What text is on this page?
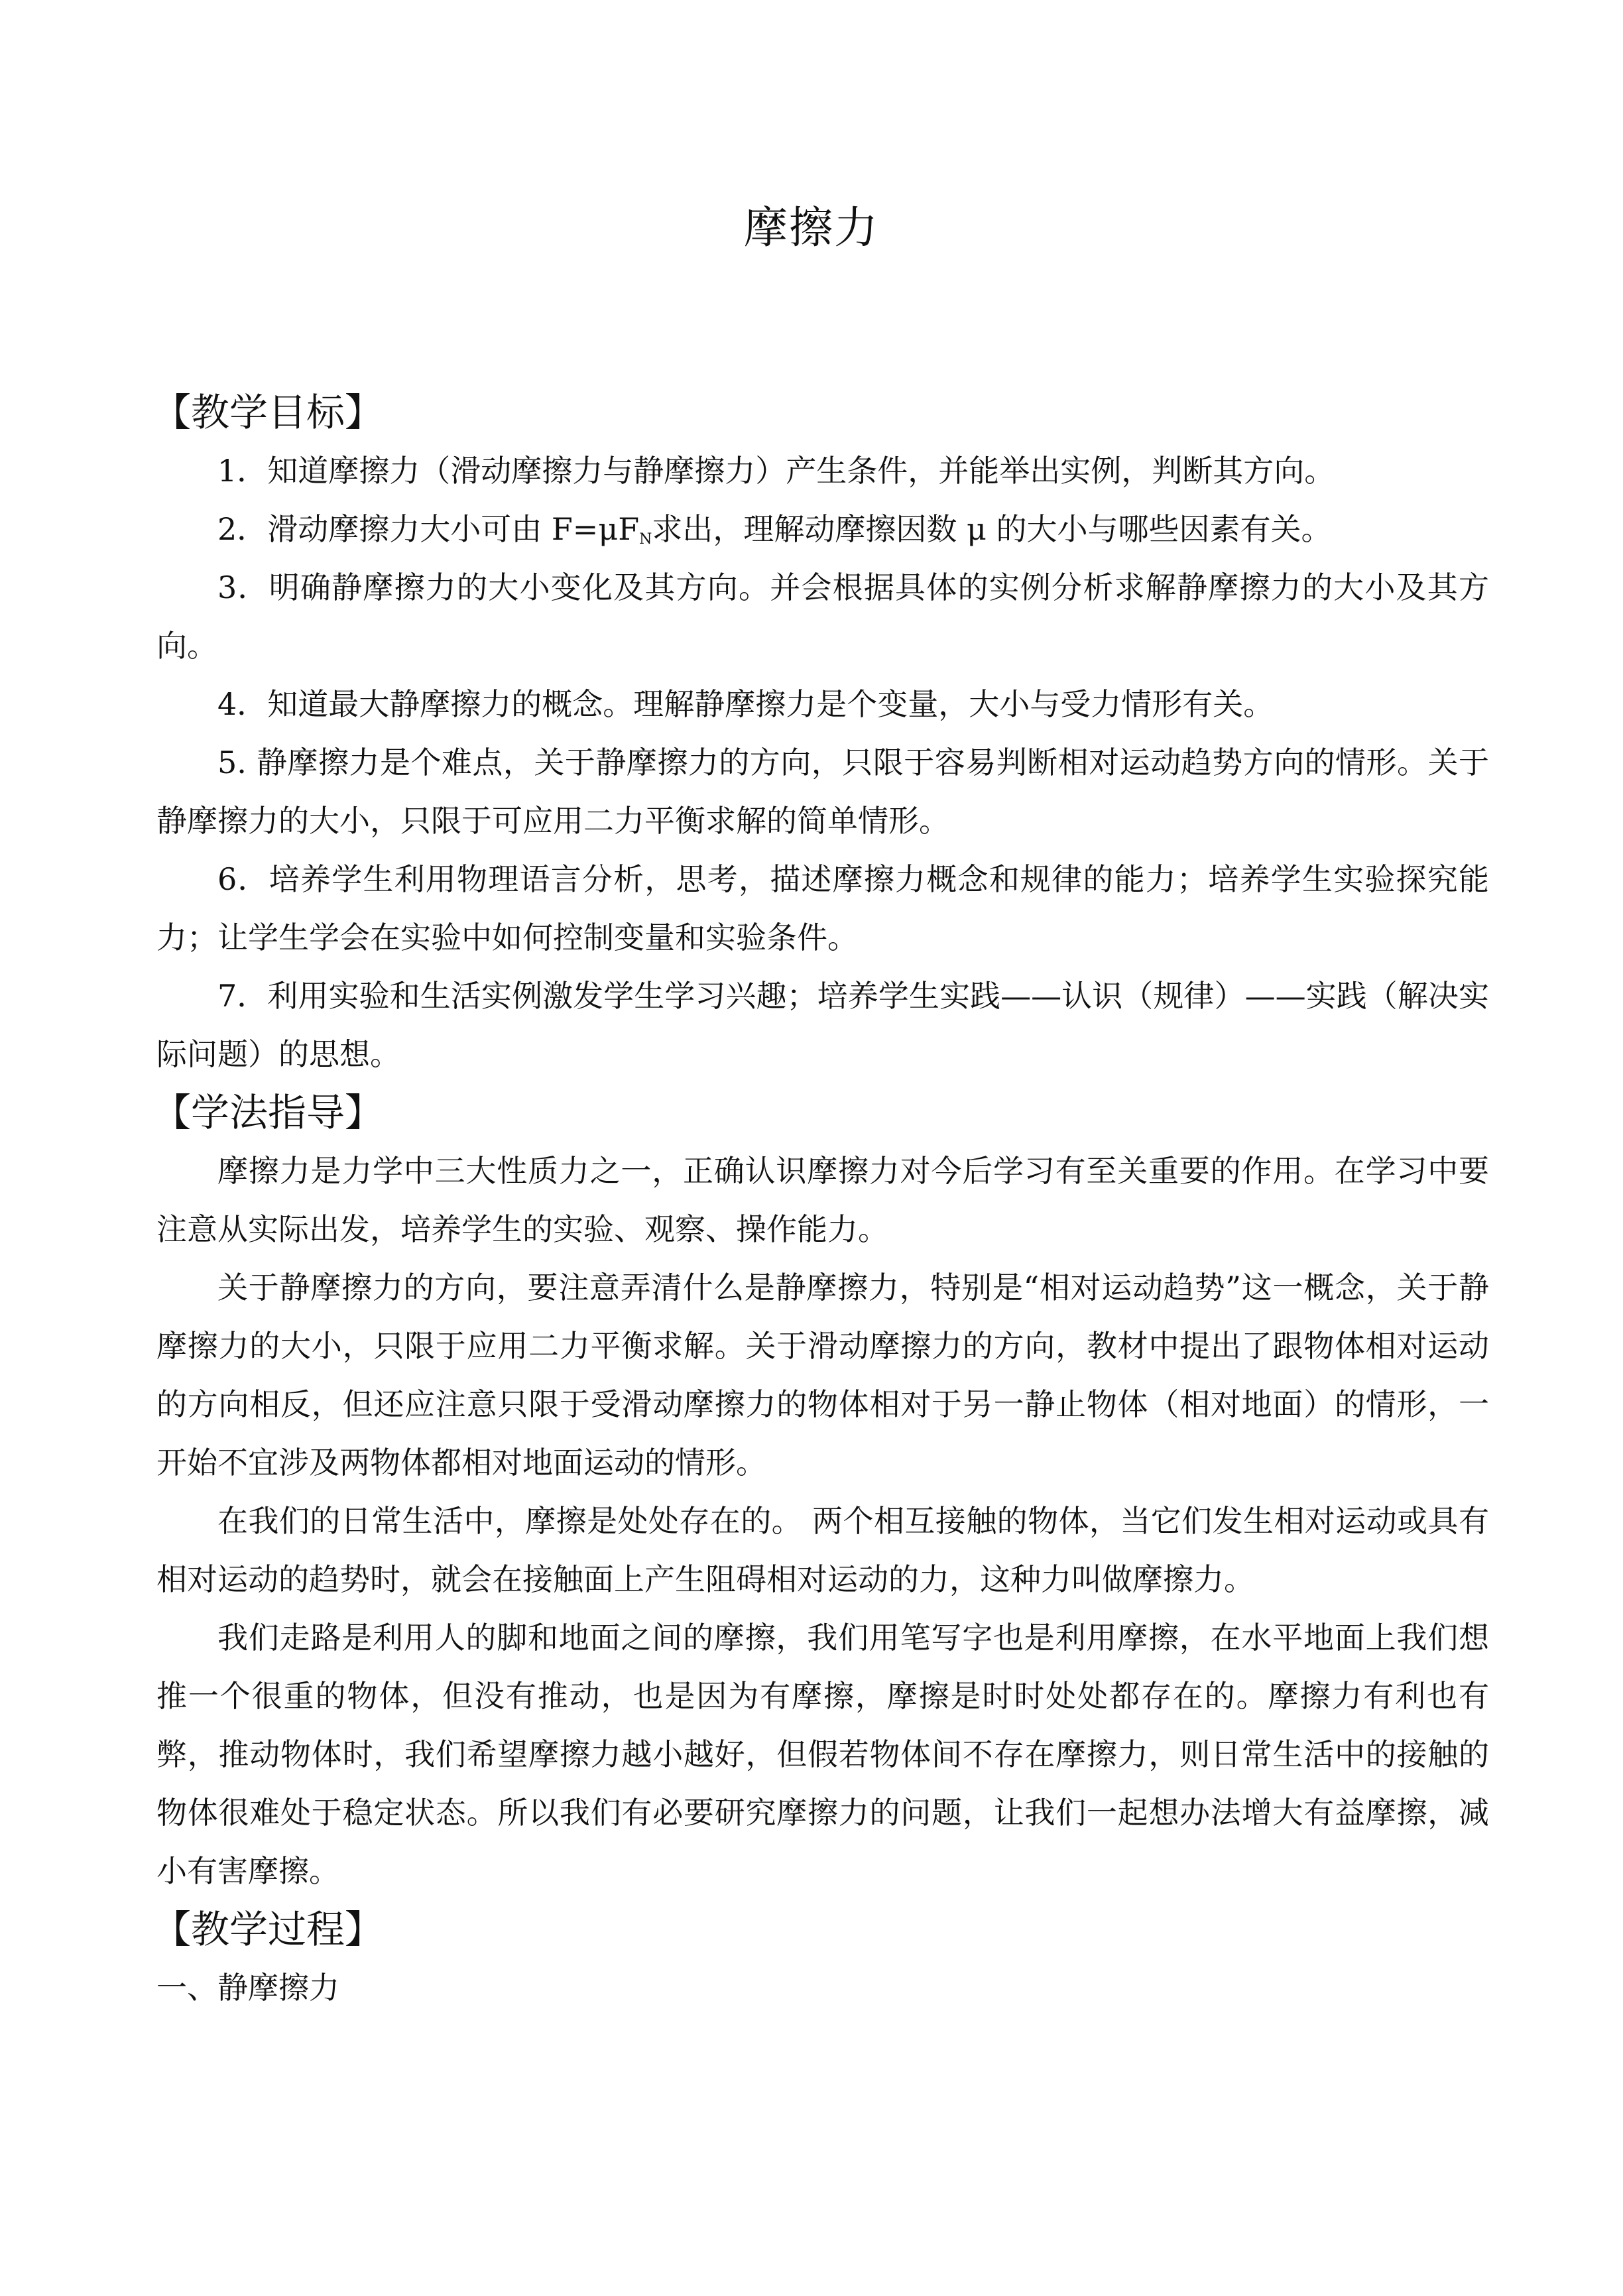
摩擦力
【教学目标】

1．知道摩擦力（滑动摩擦力与静摩擦力）产生条件，并能举出实例，判断其方向。

2．滑动摩擦力大小可由 $F=\mu F_N$求出，理解动摩擦因数 μ 的大小与哪些因素有关。

3．明确静摩擦力的大小变化及其方向。并会根据具体的实例分析求解静摩擦力的大小及其方向。

4．知道最大静摩擦力的概念。理解静摩擦力是个变量，大小与受力情形有关。

5. 静摩擦力是个难点，关于静摩擦力的方向，只限于容易判断相对运动趋势方向的情形。关于静摩擦力的大小，只限于可应用二力平衡求解的简单情形。

6．培养学生利用物理语言分析，思考，描述摩擦力概念和规律的能力；培养学生实验探究能力；让学生学会在实验中如何控制变量和实验条件。

7．利用实验和生活实例激发学生学习兴趣；培养学生实践——认识（规律）——实践（解决实际问题）的思想。

【学法指导】

摩擦力是力学中三大性质力之一，正确认识摩擦力对今后学习有至关重要的作用。在学习中要注意从实际出发，培养学生的实验、观察、操作能力。

关于静摩擦力的方向，要注意弄清什么是静摩擦力，特别是“相对运动趋势”这一概念，关于静摩擦力的大小，只限于应用二力平衡求解。关于滑动摩擦力的方向，教材中提出了跟物体相对运动的方向相反，但还应注意只限于受滑动摩擦力的物体相对于另一静止物体（相对地面）的情形，一开始不宜涉及两物体都相对地面运动的情形。

在我们的日常生活中，摩擦是处处存在的。 两个相互接触的物体，当它们发生相对运动或具有相对运动的趋势时，就会在接触面上产生阻碍相对运动的力，这种力叫做摩擦力。

我们走路是利用人的脚和地面之间的摩擦，我们用笔写字也是利用摩擦，在水平地面上我们想推一个很重的物体，但没有推动，也是因为有摩擦，摩擦是时时处处都存在的。摩擦力有利也有弊，推动物体时，我们希望摩擦力越小越好，但假若物体间不存在摩擦力，则日常生活中的接触的物体很难处于稳定状态。所以我们有必要研究摩擦力的问题，让我们一起想办法增大有益摩擦，减小有害摩擦。

【教学过程】
一、静摩擦力
